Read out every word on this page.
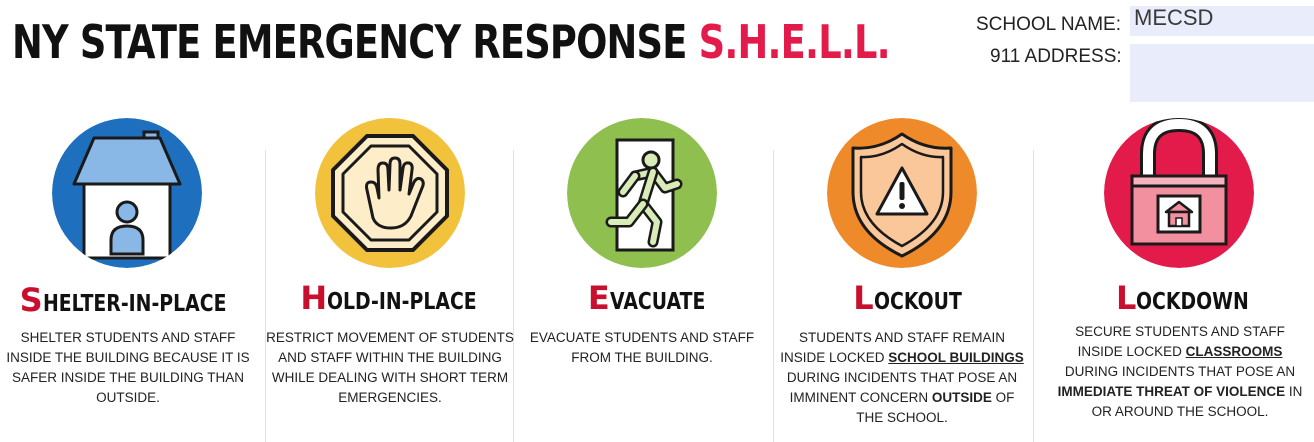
NY STATE EMERGENCY RESPONSE S.H.E.L.L.	SCHOOL NAME: MECSD
911 ADDRESS:
SHELTER-IN-PLACE
SHELTER STUDENTS AND STAFF INSIDE THE BUILDING BECAUSE IT IS SAFER INSIDE THE BUILDING THAN OUTSIDE.
HOLD-IN-PLACE
RESTRICT MOVEMENT OF STUDENTS AND STAFF WITHIN THE BUILDING WHILE DEALING WITH SHORT TERM EMERGENCIES.
EVACUATE
EVACUATE STUDENTS AND STAFF FROM THE BUILDING.
LOCKOUT
STUDENTS AND STAFF REMAIN INSIDE LOCKED SCHOOL BUILDINGS DURING INCIDENTS THAT POSE AN IMMINENT CONCERN OUTSIDE OF THE SCHOOL.
LOCKDOWN
SECURE STUDENTS AND STAFF INSIDE LOCKED CLASSROOMS DURING INCIDENTS THAT POSE AN IMMEDIATE THREAT OF VIOLENCE IN OR AROUND THE SCHOOL.
